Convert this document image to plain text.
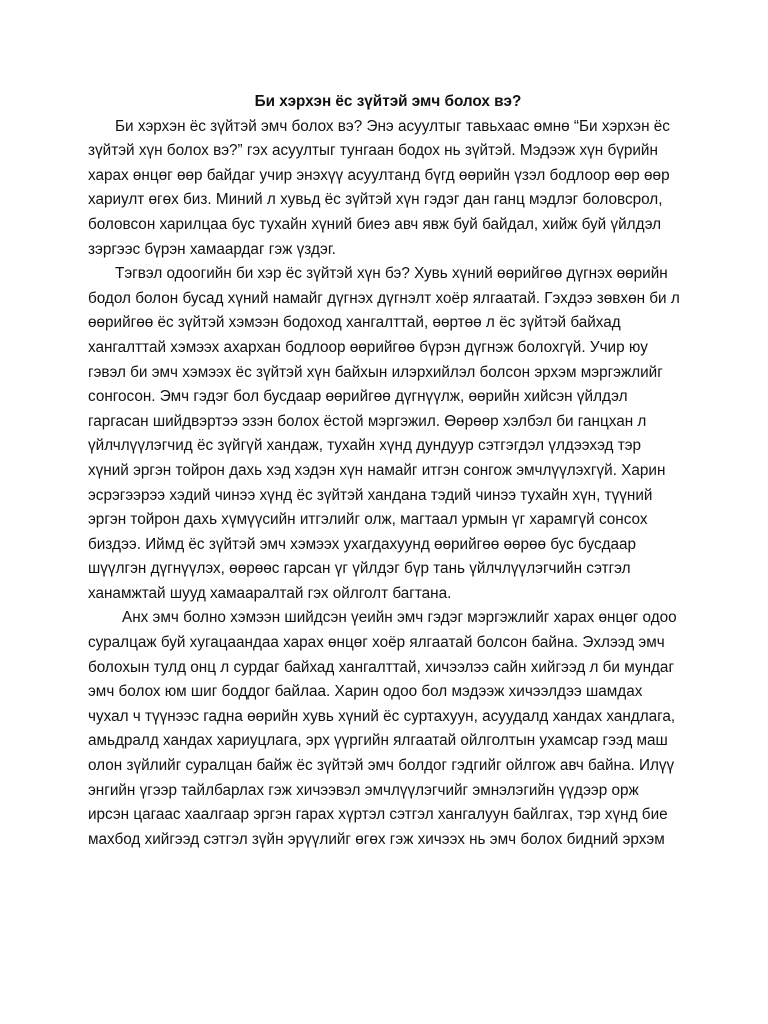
Би хэрхэн ёс зүйтэй эмч болох вэ?

Би хэрхэн ёс зүйтэй эмч болох вэ? Энэ асуултыг тавьхаас өмнө “Би хэрхэн ёс

зүйтэй хүн болох вэ?” гэх асуултыг тунгаан бодох нь зүйтэй. Мэдээж хүн бүрийн

харах өнцөг өөр байдаг учир энэхүү асуултанд бүгд өөрийн үзэл бодлоор өөр өөр

хариулт өгөх биз. Миний л хувьд ёс зүйтэй хүн гэдэг дан ганц мэдлэг боловсрол,

боловсон харилцаа бус тухайн хүний биеэ авч явж буй байдал, хийж буй үйлдэл

зэргээс бүрэн хамаардаг гэж үздэг.

Тэгвэл одоогийн би хэр ёс зүйтэй хүн бэ? Хувь хүний өөрийгөө дүгнэх өөрийн

бодол болон бусад хүний намайг дүгнэх дүгнэлт хоёр ялгаатай. Гэхдээ зөвхөн би л

өөрийгөө ёс зүйтэй хэмээн бодоход хангалттай, өөртөө л ёс зүйтэй байхад

хангалттай хэмээх ахархан бодлоор өөрийгөө бүрэн дүгнэж болохгүй. Учир юу

гэвэл би эмч хэмээх ёс зүйтэй хүн байхын илэрхийлэл болсон эрхэм мэргэжлийг

сонгосон. Эмч гэдэг бол бусдаар өөрийгөө дүгнүүлж, өөрийн хийсэн үйлдэл

гаргасан шийдвэртээ эзэн болох ёстой мэргэжил. Өөрөөр хэлбэл би ганцхан л

үйлчлүүлэгчид ёс зүйгүй хандаж, тухайн хүнд дундуур сэтгэгдэл үлдээхэд тэр

хүний эргэн тойрон дахь хэд хэдэн хүн намайг итгэн сонгож эмчлүүлэхгүй. Харин

эсрэгээрээ хэдий чинээ хүнд ёс зүйтэй хандана тэдий чинээ тухайн хүн, түүний

эргэн тойрон дахь хүмүүсийн итгэлийг олж, магтаал урмын үг харамгүй сонсох

биздээ. Иймд ёс зүйтэй эмч хэмээх ухагдахуунд өөрийгөө өөрөө бус бусдаар

шүүлгэн дүгнүүлэх, өөрөөс гарсан үг үйлдэг бүр тань үйлчлүүлэгчийн сэтгэл

ханамжтай шууд хамааралтай гэх ойлголт багтана.

Анх эмч болно хэмээн шийдсэн үеийн эмч гэдэг мэргэжлийг харах өнцөг одоо

суралцаж буй хугацаандаа харах өнцөг хоёр ялгаатай болсон байна. Эхлээд эмч

болохын тулд онц л сурдаг байхад хангалттай, хичээлээ сайн хийгээд л би мундаг

эмч болох юм шиг боддог байлаа. Харин одоо бол мэдээж хичээлдээ шамдах

чухал ч түүнээс гадна өөрийн хувь хүний ёс суртахуун, асуудалд хандах хандлага,

амьдралд хандах хариуцлага, эрх үүргийн ялгаатай ойлголтын ухамсар гээд маш

олон зүйлийг суралцан байж ёс зүйтэй эмч болдог гэдгийг ойлгож авч байна. Илүү

энгийн үгээр тайлбарлах гэж хичээвэл эмчлүүлэгчийг эмнэлэгийн үүдээр орж

ирсэн цагаас хаалгаар эргэн гарах хүртэл сэтгэл хангалуун байлгах, тэр хүнд бие

махбод хийгээд сэтгэл зүйн эрүүлийг өгөх гэж хичээх нь эмч болох бидний эрхэм
